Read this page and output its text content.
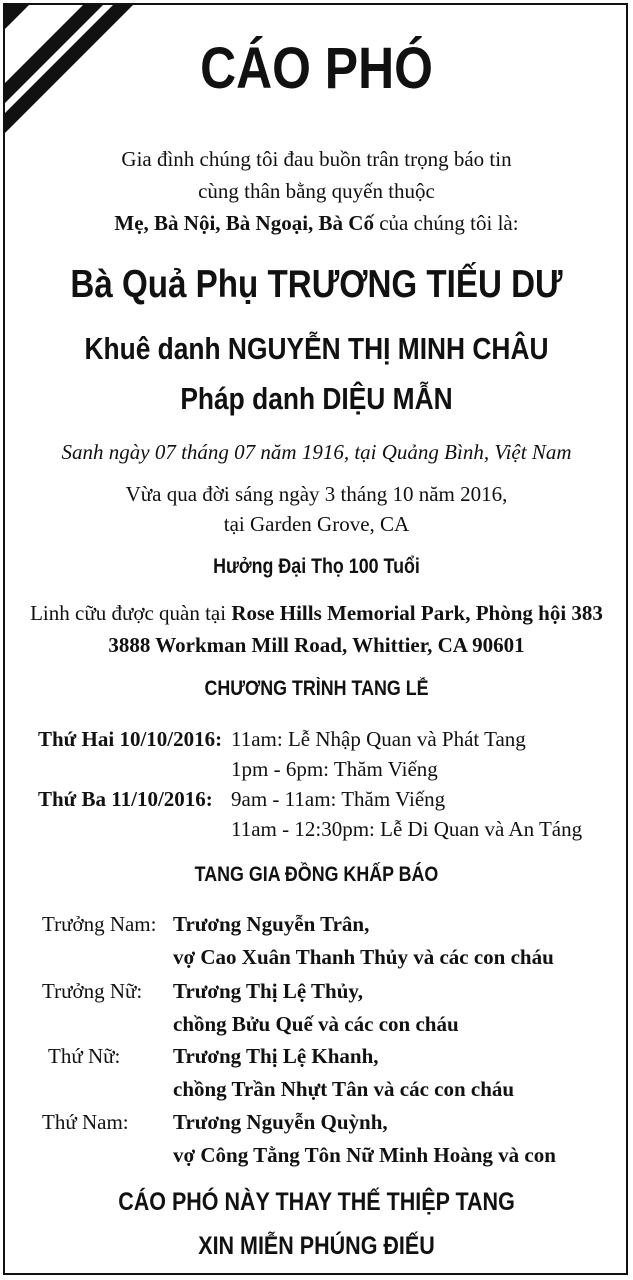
CÁO PHÓ
Gia đình chúng tôi đau buồn trân trọng báo tin
cùng thân bằng quyến thuộc
Mẹ, Bà Nội, Bà Ngoại, Bà Cố của chúng tôi là:
Bà Quả Phụ TRƯƠNG TIẾU DƯ
Khuê danh NGUYỄN THỊ MINH CHÂU
Pháp danh DIỆU MẪN
Sanh ngày 07 tháng 07 năm 1916, tại Quảng Bình, Việt Nam
Vừa qua đời sáng ngày 3 tháng 10 năm 2016,
tại Garden Grove, CA
Hưởng Đại Thọ 100 Tuổi
Linh cữu được quàn tại Rose Hills Memorial Park, Phòng hội 383
3888 Workman Mill Road, Whittier, CA 90601
CHƯƠNG TRÌNH TANG LỄ
Thứ Hai 10/10/2016: 11am: Lễ Nhập Quan và Phát Tang
1pm - 6pm: Thăm Viếng
Thứ Ba 11/10/2016: 9am - 11am: Thăm Viếng
11am - 12:30pm: Lễ Di Quan và An Táng
TANG GIA ĐỒNG KHẤP BÁO
Trưởng Nam: Trương Nguyễn Trân,
vợ Cao Xuân Thanh Thủy và các con cháu
Trưởng Nữ: Trương Thị Lệ Thủy,
chồng Bửu Quế và các con cháu
Thứ Nữ:	Trương Thị Lệ Khanh,
chồng Trần Nhựt Tân và các con cháu
Thứ Nam: Trương Nguyễn Quỳnh,
vợ Công Tằng Tôn Nữ Minh Hoàng và con
CÁO PHÓ NÀY THAY THẾ THIỆP TANG
XIN MIỄN PHÚNG ĐIẾU
